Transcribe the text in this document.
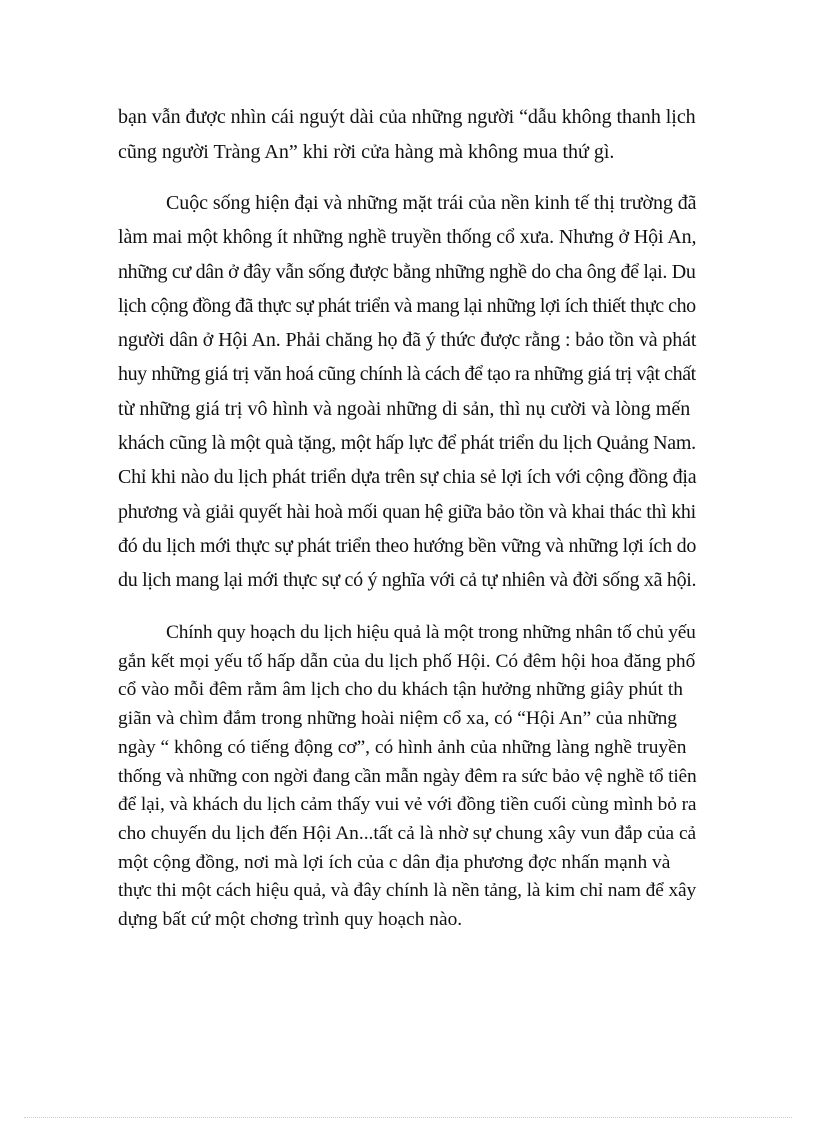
bạn vẫn được nhìn cái nguýt dài của những người “dẫu không thanh lịch
cũng người Tràng An” khi rời cửa hàng mà không mua thứ gì.

Cuộc sống hiện đại và những mặt trái của nền kinh tế thị trường đã
làm mai một không ít những nghề truyền thống cổ xưa. Nhưng ở Hội An,
những cư dân ở đây vẫn sống được bằng những nghề do cha ông để lại. Du
lịch cộng đồng đã thực sự phát triển và mang lại những lợi ích thiết thực cho
người dân ở Hội An. Phải chăng họ đã ý thức được rằng : bảo tồn và phát
huy những giá trị văn hoá cũng chính là cách để tạo ra những giá trị vật chất
từ những giá trị vô hình và ngoài những di sản, thì nụ cười và lòng mến
khách cũng là một quà tặng, một hấp lực để phát triển du lịch Quảng Nam.
Chỉ khi nào du lịch phát triển dựa trên sự chia sẻ lợi ích với cộng đồng địa
phương và giải quyết hài hoà mối quan hệ giữa bảo tồn và khai thác thì khi
đó du lịch mới thực sự phát triển theo hướng bền vững và những lợi ích do
du lịch mang lại mới thực sự có ý nghĩa với cả tự nhiên và đời sống xã hội.

Chính quy hoạch du lịch hiệu quả là một trong những nhân tố chủ yếu
gắn kết mọi yếu tố hấp dẫn của du lịch phố Hội. Có đêm hội hoa đăng phố
cổ vào mỗi đêm rằm âm lịch cho du khách tận hưởng những giây phút th
giãn và chìm đắm trong những hoài niệm cổ xa, có “Hội An” của những
ngày “ không có tiếng động cơ”, có hình ảnh của những làng nghề truyền
thống và những con ngời đang cần mẫn ngày đêm ra sức bảo vệ nghề tổ tiên
để lại, và khách du lịch cảm thấy vui vẻ với đồng tiền cuối cùng mình bỏ ra
cho chuyến du lịch đến Hội An...tất cả là nhờ sự chung xây vun đắp của cả
một cộng đồng, nơi mà lợi ích của c dân địa phương đợc nhấn mạnh và
thực thi một cách hiệu quả, và đây chính là nền tảng, là kim chỉ nam để xây
dựng bất cứ một chơng trình quy hoạch nào.
